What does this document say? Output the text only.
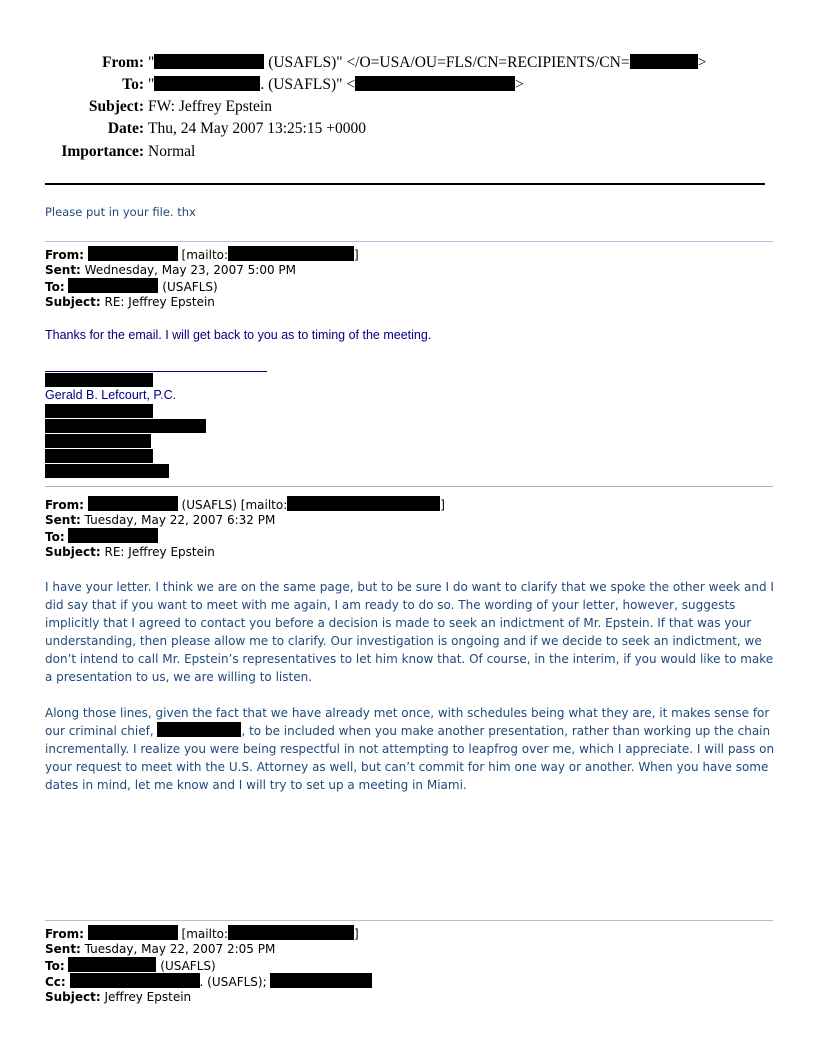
From: "	(USAFLS)" </O=USA/OU=FLS/CN=RECIPIENTS/CN=	>
To: "	. (USAFLS)" <	>
Subject: FW: Jeffrey Epstein
Date: Thu, 24 May 2007 13:25:15 +0000
Importance: Normal
Please put in your file. thx
From:	[mailto:	]
Sent: Wednesday, May 23, 2007 5:00 PM
To:	(USAFLS)
Subject: RE: Jeffrey Epstein
Thanks for the email. I will get back to you as to timing of the meeting.
Gerald B. Lefcourt, P.C.
From:	(USAFLS) [mailto:	]
Sent: Tuesday, May 22, 2007 6:32 PM
To:
Subject: RE: Jeffrey Epstein
I have your letter. I think we are on the same page, but to be sure I do want to clarify that we spoke the other week and I did say that if you want to meet with me again, I am ready to do so. The wording of your letter, however, suggests implicitly that I agreed to contact you before a decision is made to seek an indictment of Mr. Epstein. If that was your understanding, then please allow me to clarify. Our investigation is ongoing and if we decide to seek an indictment, we don’t intend to call Mr. Epstein’s representatives to let him know that. Of course, in the interim, if you would like to make a presentation to us, we are willing to listen.
Along those lines, given the fact that we have already met once, with schedules being what they are, it makes sense for our criminal chief,	, to be included when you make another presentation, rather than working up the chain incrementally. I realize you were being respectful in not attempting to leapfrog over me, which I appreciate. I will pass on your request to meet with the U.S. Attorney as well, but can’t commit for him one way or another. When you have some dates in mind, let me know and I will try to set up a meeting in Miami.
From:	[mailto:	]
Sent: Tuesday, May 22, 2007 2:05 PM
To:	(USAFLS)
Cc:	. (USAFLS);
Subject: Jeffrey Epstein
